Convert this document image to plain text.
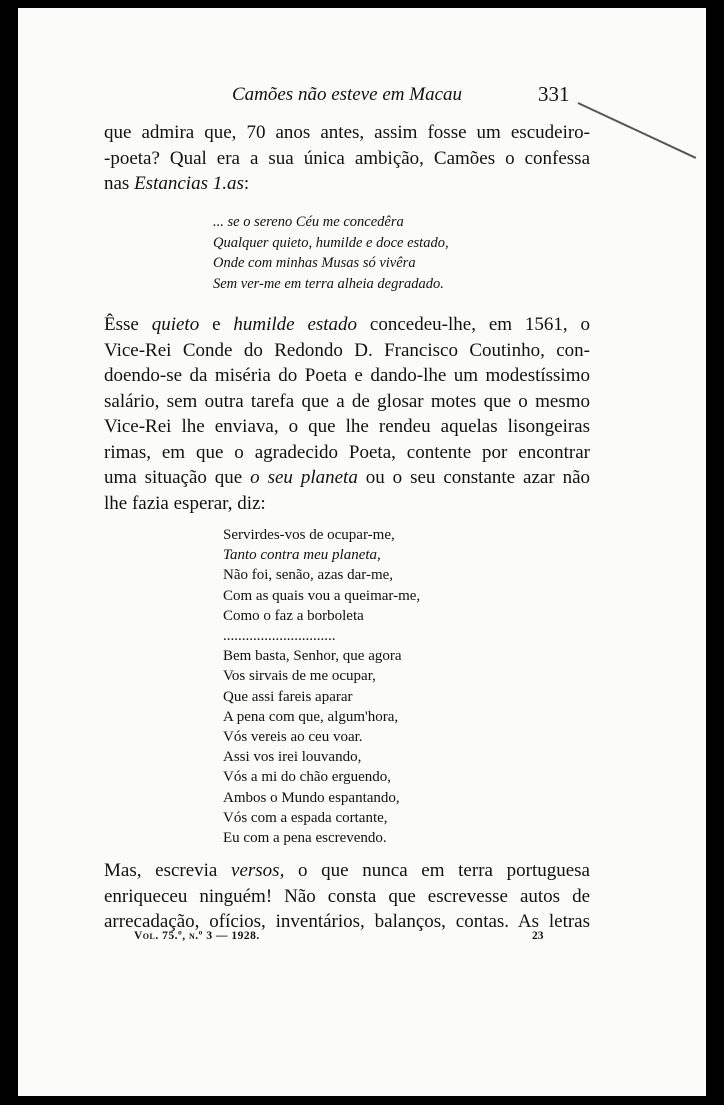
Camões não esteve em Macau	331
que admira que, 70 anos antes, assim fosse um escudeiro-
-poeta? Qual era a sua única ambição, Camões o confessa
nas Estancias 1.as:
... se o sereno Céu me concedêra
Qualquer quieto, humilde e doce estado,
Onde com minhas Musas só vivêra
Sem ver-me em terra alheia degradado.
Êsse quieto e humilde estado concedeu-lhe, em 1561, o
Vice-Rei Conde do Redondo D. Francisco Coutinho, con-
doendo-se da miséria do Poeta e dando-lhe um modestíssimo
salário, sem outra tarefa que a de glosar motes que o mesmo
Vice-Rei lhe enviava, o que lhe rendeu aquelas lisongeiras
rimas, em que o agradecido Poeta, contente por encontrar
uma situação que o seu planeta ou o seu constante azar não
lhe fazia esperar, diz:
Servirdes-vos de ocupar-me,
Tanto contra meu planeta,
Não foi, senão, azas dar-me,
Com as quais vou a queimar-me,
Como o faz a borboleta
..............................
Bem basta, Senhor, que agora
Vos sirvais de me ocupar,
Que assi fareis aparar
A pena com que, algum'hora,
Vós vereis ao ceu voar.
Assi vos irei louvando,
Vós a mi do chão erguendo,
Ambos o Mundo espantando,
Vós com a espada cortante,
Eu com a pena escrevendo.
Mas, escrevia versos, o que nunca em terra portuguesa
enriqueceu ninguém! Não consta que escrevesse autos de
arrecadação, ofícios, inventários, balanços, contas. As letras
Vol. 75.º, n.º 3 — 1928.	23
